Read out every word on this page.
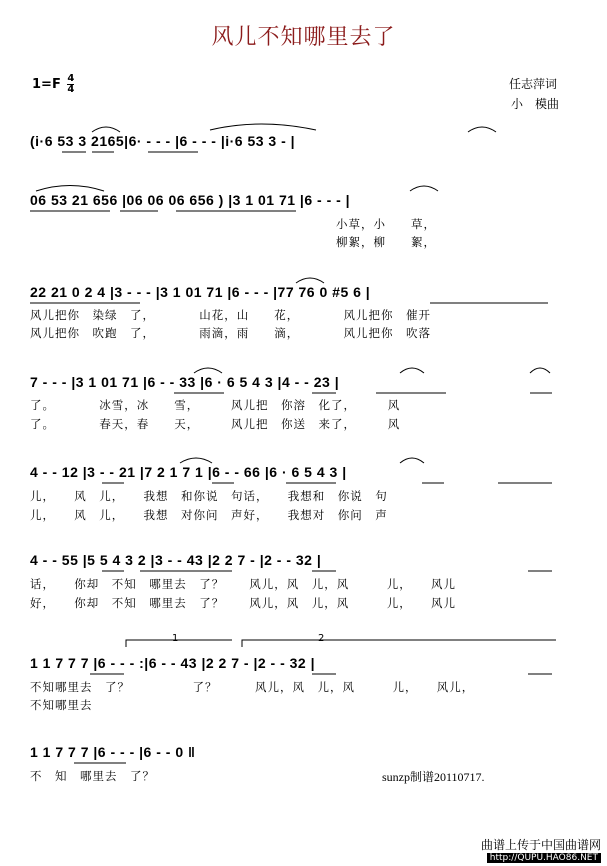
风儿不知哪里去了
$1=F \frac{4}{4}$	任志萍词
小　模曲
(i·6 53 3 2165|6· - - - |6 - - - |i·6 53 3 - |
06 53 21 656 |06 06 06 656 ) |3 1 01 71 |6 - - - |
小草，小　　草，
柳絮，柳　　絮，
22 21 0 2 4 |3 - - - |3 1 01 71 |6 - - - |77 76 0 #5 6 |
风儿把你　染绿　了，　　　　山花，山　　花，　　　　风儿把你　催开
风儿把你　吹跑　了，　　　　雨滴，雨　　滴，　　　　风儿把你　吹落
7 - - - |3 1 01 71 |6 - - 33 |6 · 6 5 4 3 |4 - - 23 |
了。　　　　冰雪，冰　　雪，　　　风儿把　你溶　化了，　　　风
了。　　　　春天，春　　天，　　　风儿把　你送　来了，　　　风
4 - - 12 |3 - - 21 |7 2 1 7 1 |6 - - 66 |6 · 6 5 4 3 |
儿，　　风　儿，　　我想　和你说　句话，　　我想和　你说　句
儿，　　风　儿，　　我想　对你问　声好，　　我想对　你问　声
4 - - 55 |5 5 4 3 2 |3 - - 43 |2 2 7 - |2 - - 32 |
话，　　你却　不知　哪里去　了？　　风儿，风　儿，风　　　儿，　　风儿
好，　　你却　不知　哪里去　了？　　风儿，风　儿，风　　　儿，　　风儿
1	2
1 1 7 7 7 |6 - - - :|6 - - 43 |2 2 7 - |2 - - 32 |
不知哪里去　了？　　　　　了？　　　风儿，风　儿，风　　　儿，　　风儿，
不知哪里去
1 1 7 7 7 |6 - - - |6 - - 0 ‖
不　知　哪里去　了？	sunzp制谱20110717.
曲谱上传于中国曲谱网
http://QUPU.HAO86.NET
